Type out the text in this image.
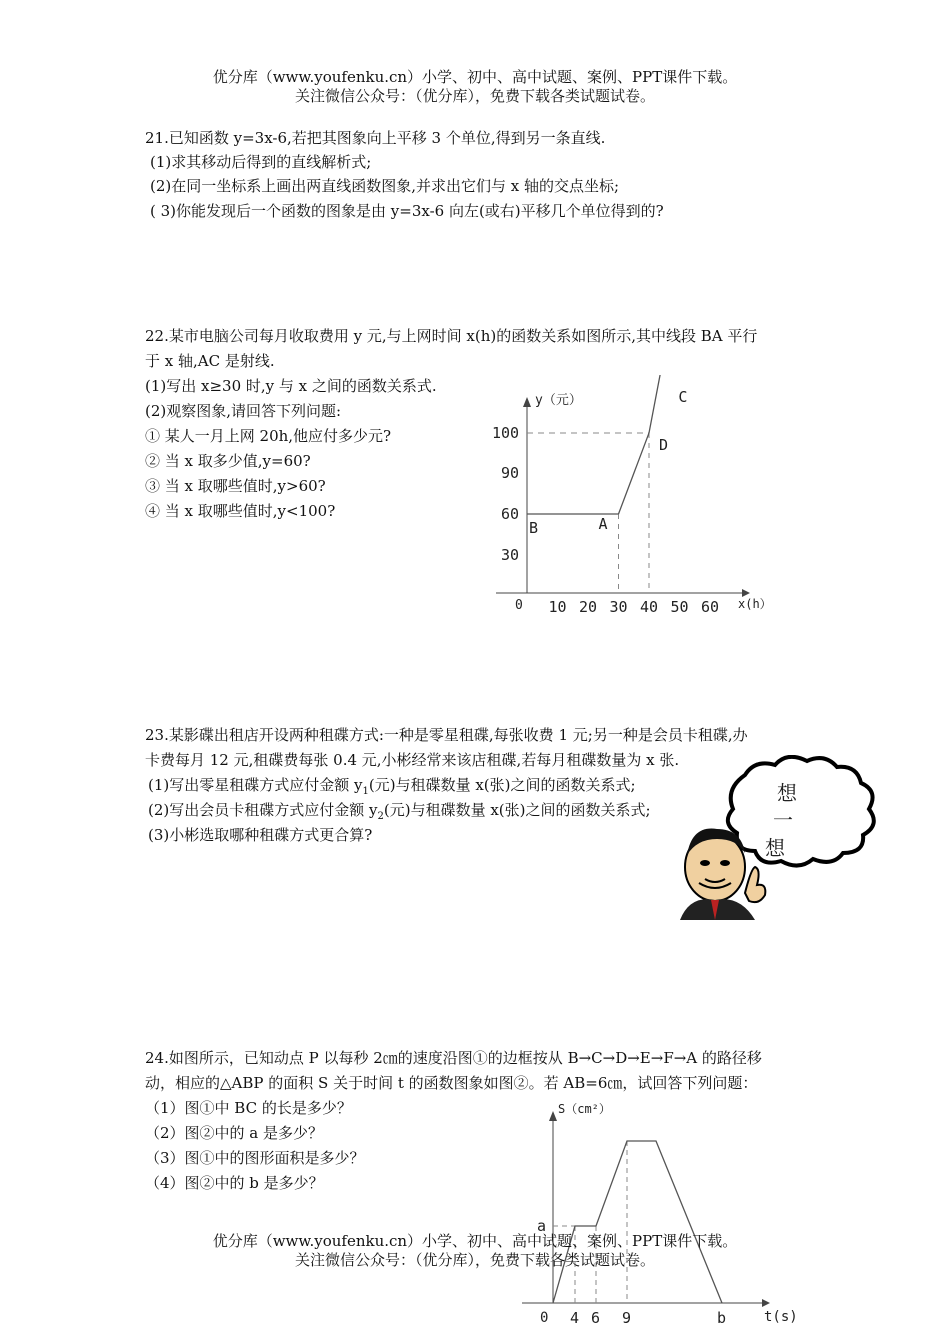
优分库（www.youfenku.cn）小学、初中、高中试题、案例、PPT课件下载。
关注微信公众号：（优分库），免费下载各类试题试卷。
21.已知函数 y=3x-6,若把其图象向上平移 3 个单位,得到另一条直线.
(1)求其移动后得到的直线解析式;
(2)在同一坐标系上画出两直线函数图象,并求出它们与 x 轴的交点坐标;
( 3)你能发现后一个函数的图象是由 y=3x-6 向左(或右)平移几个单位得到的?
22.某市电脑公司每月收取费用 y 元,与上网时间 x(h)的函数关系如图所示,其中线段 BA 平行
于 x 轴,AC 是射线.
(1)写出 x≥30 时,y 与 x 之间的函数关系式.
(2)观察图象,请回答下列问题:
① 某人一月上网 20h,他应付多少元?
② 当 x 取多少值,y=60?
③ 当 x 取哪些值时,y>60?
④ 当 x 取哪些值时,y<100?
y（元）
x(h）
0 10 20 30 40 50 60
30
60
90
100
B	A
D
C
23.某影碟出租店开设两种租碟方式:一种是零星租碟,每张收费 1 元;另一种是会员卡租碟,办
卡费每月 12 元,租碟费每张 0.4 元,小彬经常来该店租碟,若每月租碟数量为 x 张.
(1)写出零星租碟方式应付金额 $y_1$(元)与租碟数量 x(张)之间的函数关系式;
(2)写出会员卡租碟方式应付金额 $y_2$(元)与租碟数量 x(张)之间的函数关系式;
(3)小彬选取哪种租碟方式更合算?
想
一
想
24.如图所示，已知动点 P 以每秒 2㎝的速度沿图①的边框按从 B→C→D→E→F→A 的路径移
动，相应的△ABP 的面积 S 关于时间 t 的函数图象如图②。若 AB=6㎝，试回答下列问题：
（1）图①中 BC 的长是多少？
（2）图②中的 a 是多少？
（3）图①中的图形面积是多少？
（4）图②中的 b 是多少？
S（cm²）
t(s)
0 4 6 9	b
a
优分库（www.youfenku.cn）小学、初中、高中试题、案例、PPT课件下载。
关注微信公众号：（优分库），免费下载各类试题试卷。
